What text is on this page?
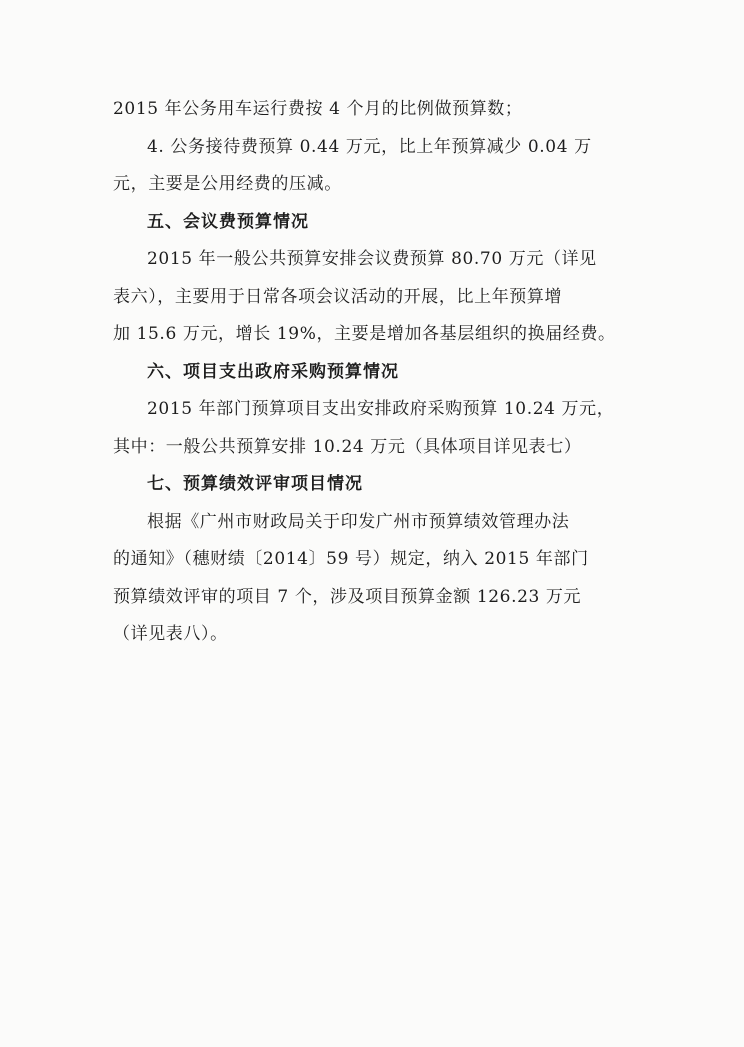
2015 年公务用车运行费按 4 个月的比例做预算数；
4. 公务接待费预算 0.44 万元，比上年预算减少 0.04 万
元，主要是公用经费的压减。
五、会议费预算情况
2015 年一般公共预算安排会议费预算 80.70 万元（详见
表六），主要用于日常各项会议活动的开展，比上年预算增
加 15.6 万元，增长 19%，主要是增加各基层组织的换届经费。
六、项目支出政府采购预算情况
2015 年部门预算项目支出安排政府采购预算 10.24 万元，
其中：一般公共预算安排 10.24 万元（具体项目详见表七）
七、预算绩效评审项目情况
根据《广州市财政局关于印发广州市预算绩效管理办法
的通知》（穗财绩〔2014〕59 号）规定，纳入 2015 年部门
预算绩效评审的项目 7 个，涉及项目预算金额 126.23 万元
（详见表八）。
